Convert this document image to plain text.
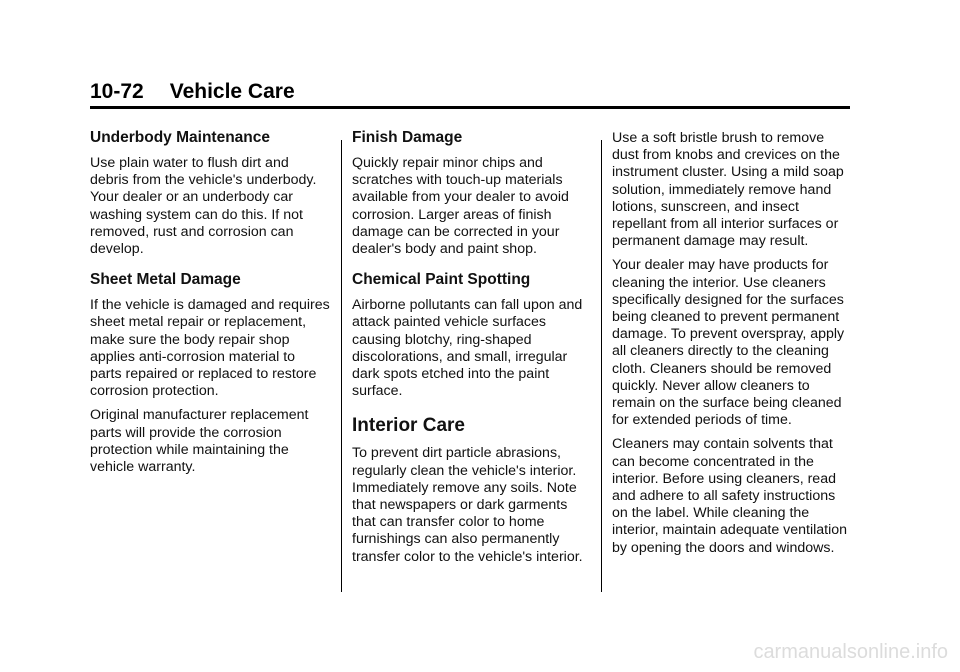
10-72 Vehicle Care
Underbody Maintenance

Use plain water to flush dirt and debris from the vehicle's underbody. Your dealer or an underbody car washing system can do this. If not removed, rust and corrosion can develop.

Sheet Metal Damage

If the vehicle is damaged and requires sheet metal repair or replacement, make sure the body repair shop applies anti-corrosion material to parts repaired or replaced to restore corrosion protection.

Original manufacturer replacement parts will provide the corrosion protection while maintaining the vehicle warranty.

Finish Damage

Quickly repair minor chips and scratches with touch-up materials available from your dealer to avoid corrosion. Larger areas of finish damage can be corrected in your dealer's body and paint shop.

Chemical Paint Spotting

Airborne pollutants can fall upon and attack painted vehicle surfaces causing blotchy, ring-shaped discolorations, and small, irregular dark spots etched into the paint surface.

Interior Care

To prevent dirt particle abrasions, regularly clean the vehicle's interior. Immediately remove any soils. Note that newspapers or dark garments that can transfer color to home furnishings can also permanently transfer color to the vehicle's interior.

Use a soft bristle brush to remove dust from knobs and crevices on the instrument cluster. Using a mild soap solution, immediately remove hand lotions, sunscreen, and insect repellant from all interior surfaces or permanent damage may result.

Your dealer may have products for cleaning the interior. Use cleaners specifically designed for the surfaces being cleaned to prevent permanent damage. To prevent overspray, apply all cleaners directly to the cleaning cloth. Cleaners should be removed quickly. Never allow cleaners to remain on the surface being cleaned for extended periods of time.

Cleaners may contain solvents that can become concentrated in the interior. Before using cleaners, read and adhere to all safety instructions on the label. While cleaning the interior, maintain adequate ventilation by opening the doors and windows.

carmanualsonline.info
